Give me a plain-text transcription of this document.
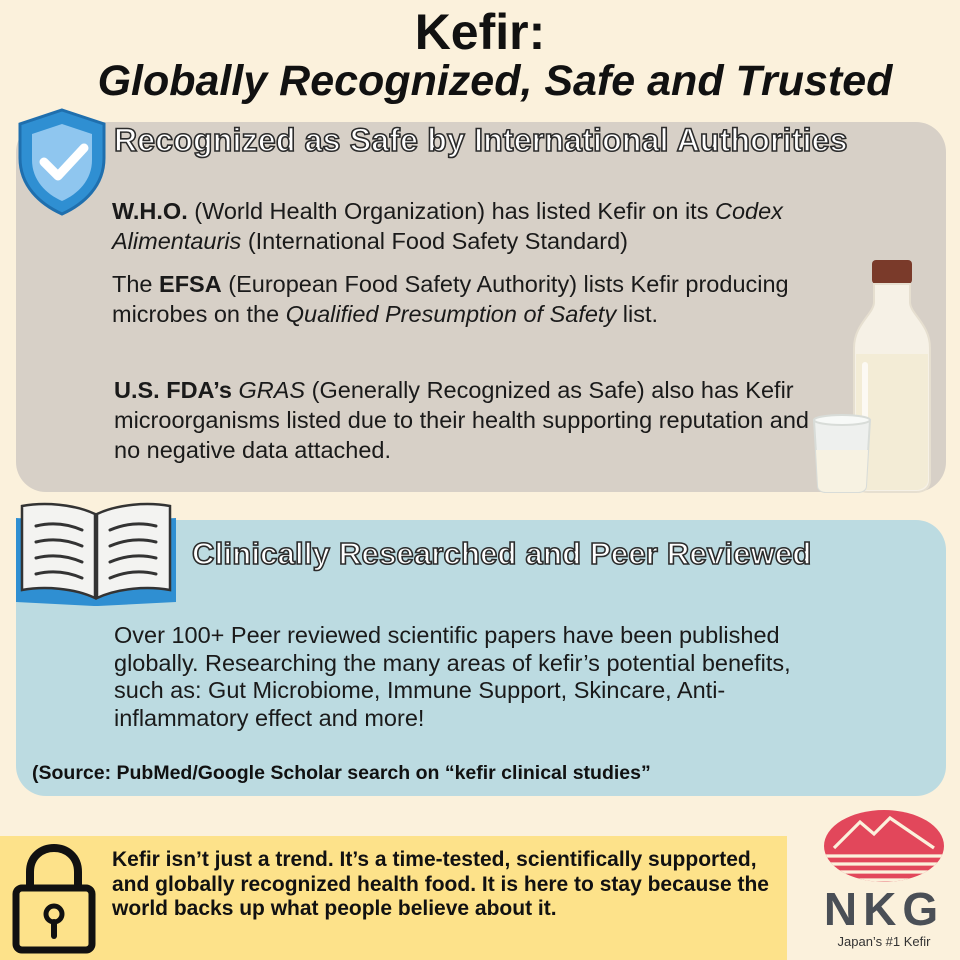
Kefir:
Globally Recognized, Safe and Trusted
Recognized as Safe by International Authorities
W.H.O. (World Health Organization) has listed Kefir on its Codex Alimentauris (International Food Safety Standard)
The EFSA (European Food Safety Authority) lists Kefir producing microbes on the Qualified Presumption of Safety list.
U.S. FDA’s GRAS (Generally Recognized as Safe) also has Kefir microorganisms listed due to their health supporting reputation and no negative data attached.
Clinically Researched and Peer Reviewed
Over 100+ Peer reviewed scientific papers have been published globally. Researching the many areas of kefir’s potential benefits, such as: Gut Microbiome, Immune Support, Skincare, Anti-inflammatory effect and more!
(Source: PubMed/Google Scholar search on “kefir clinical studies”
Kefir isn’t just a trend. It’s a time-tested, scientifically supported, and globally recognized health food. It is here to stay because the world backs up what people believe about it.	NKG
Japan’s #1 Kefir
